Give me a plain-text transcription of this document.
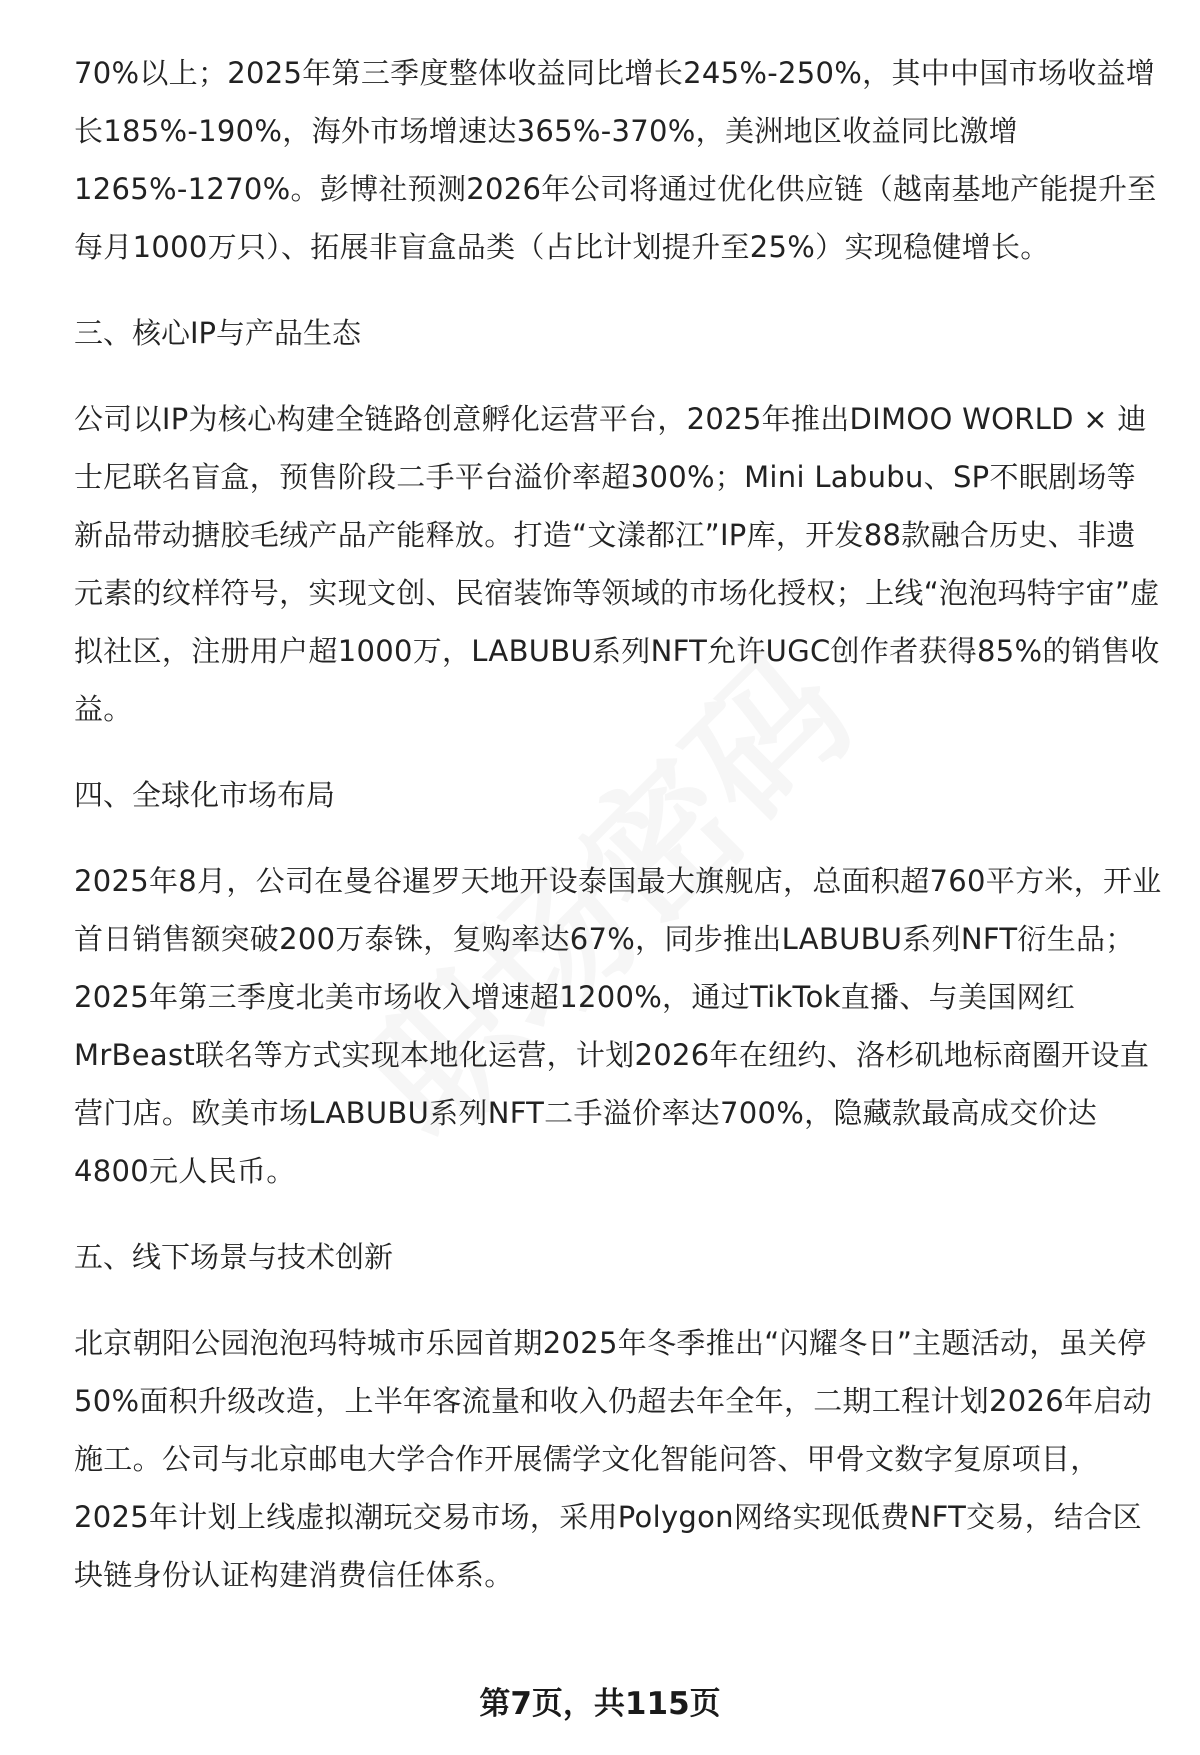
70%以上；2025年第三季度整体收益同比增长245%-250%，其中中国市场收益增长185%-190%，海外市场增速达365%-370%，美洲地区收益同比激增1265%-1270%。彭博社预测2026年公司将通过优化供应链（越南基地产能提升至每月1000万只）、拓展非盲盒品类（占比计划提升至25%）实现稳健增长。

三、核心IP与产品生态

公司以IP为核心构建全链路创意孵化运营平台，2025年推出DIMOO WORLD × 迪士尼联名盲盒，预售阶段二手平台溢价率超300%；Mini Labubu、SP不眠剧场等新品带动搪胶毛绒产品产能释放。打造“文漾都江”IP库，开发88款融合历史、非遗元素的纹样符号，实现文创、民宿装饰等领域的市场化授权；上线“泡泡玛特宇宙”虚拟社区，注册用户超1000万，LABUBU系列NFT允许UGC创作者获得85%的销售收益。

四、全球化市场布局

2025年8月，公司在曼谷暹罗天地开设泰国最大旗舰店，总面积超760平方米，开业首日销售额突破200万泰铢，复购率达67%，同步推出LABUBU系列NFT衍生品；2025年第三季度北美市场收入增速超1200%，通过TikTok直播、与美国网红MrBeast联名等方式实现本地化运营，计划2026年在纽约、洛杉矶地标商圈开设直营门店。欧美市场LABUBU系列NFT二手溢价率达700%，隐藏款最高成交价达4800元人民币。

五、线下场景与技术创新

北京朝阳公园泡泡玛特城市乐园首期2025年冬季推出“闪耀冬日”主题活动，虽关停50%面积升级改造，上半年客流量和收入仍超去年全年，二期工程计划2026年启动施工。公司与北京邮电大学合作开展儒学文化智能问答、甲骨文数字复原项目，2025年计划上线虚拟潮玩交易市场，采用Polygon网络实现低费NFT交易，结合区块链身份认证构建消费信任体系。

第7页，共115页
